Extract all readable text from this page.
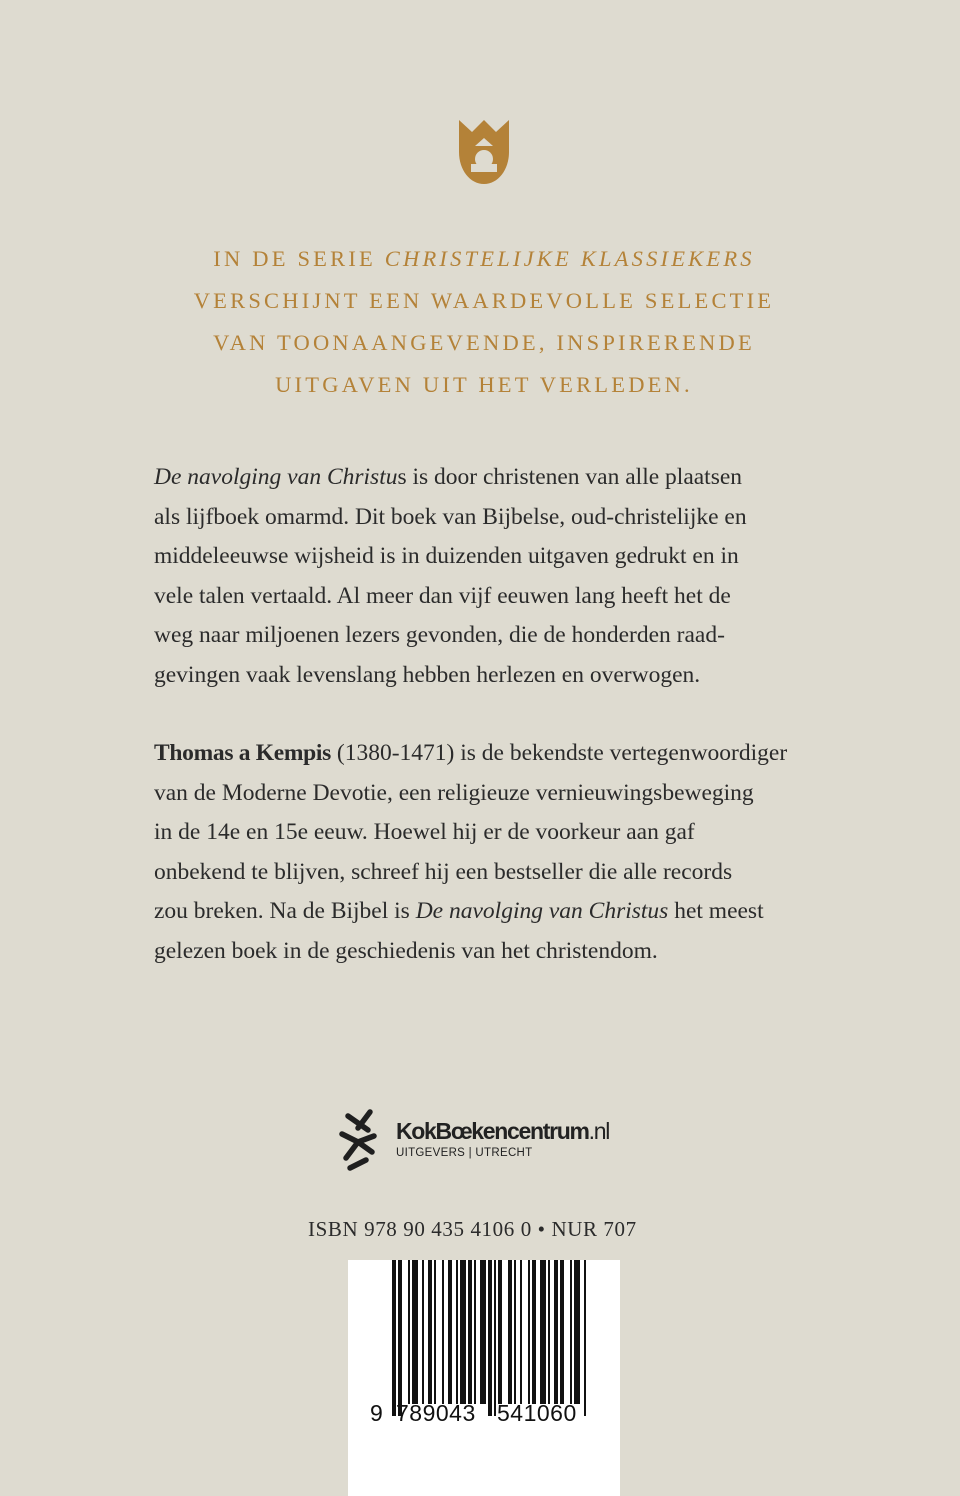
IN DE SERIE CHRISTELIJKE KLASSIEKERS
VERSCHIJNT EEN WAARDEVOLLE SELECTIE
VAN TOONAANGEVENDE, INSPIRERENDE
UITGAVEN UIT HET VERLEDEN.
De navolging van Christus is door christenen van alle plaatsen
als lijfboek omarmd. Dit boek van Bijbelse, oud-christelijke en
middeleeuwse wijsheid is in duizenden uitgaven gedrukt en in
vele talen vertaald. Al meer dan vijf eeuwen lang heeft het de
weg naar miljoenen lezers gevonden, die de honderden raad-
gevingen vaak levenslang hebben herlezen en overwogen.
Thomas a Kempis (1380-1471) is de bekendste vertegenwoordiger
van de Moderne Devotie, een religieuze vernieuwingsbeweging
in de 14e en 15e eeuw. Hoewel hij er de voorkeur aan gaf
onbekend te blijven, schreef hij een bestseller die alle records
zou breken. Na de Bijbel is De navolging van Christus het meest
gelezen boek in de geschiedenis van het christendom.
KokBœkencentrum.nl
UITGEVERS | UTRECHT
ISBN 978 90 435 4106 0 • NUR 707
9 789043 541060
